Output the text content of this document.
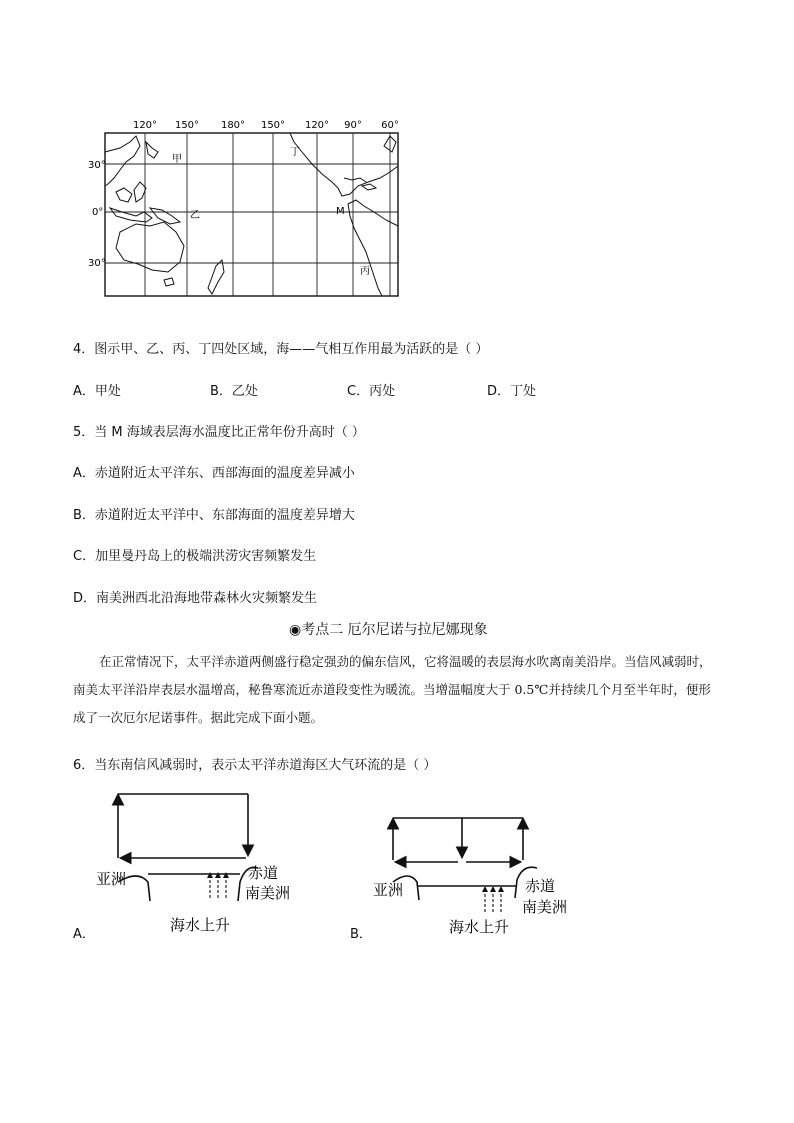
120° 150° 180° 150° 120° 90° 60°
30°
0°
30°
甲
乙
丙
丁
M
4．图示甲、乙、丙、丁四处区域，海——气相互作用最为活跃的是（ ）
A．甲处	B．乙处	C．丙处	D．丁处
5．当 M 海域表层海水温度比正常年份升高时（ ）
A．赤道附近太平洋东、西部海面的温度差异减小
B．赤道附近太平洋中、东部海面的温度差异增大
C．加里曼丹岛上的极端洪涝灾害频繁发生
D．南美洲西北沿海地带森林火灾频繁发生
◉考点二 厄尔尼诺与拉尼娜现象
在正常情况下，太平洋赤道两侧盛行稳定强劲的偏东信风，它将温暖的表层海水吹离南美沿岸。当信风减弱时，南美太平洋沿岸表层水温增高，秘鲁寒流近赤道段变性为暖流。当增温幅度大于 0.5℃并持续几个月至半年时，便形成了一次厄尔尼诺事件。据此完成下面小题。
6．当东南信风减弱时，表示太平洋赤道海区大气环流的是（ ）
A．
亚洲	赤道
南美洲
海水上升
B．
亚洲	赤道
南美洲
海水上升
